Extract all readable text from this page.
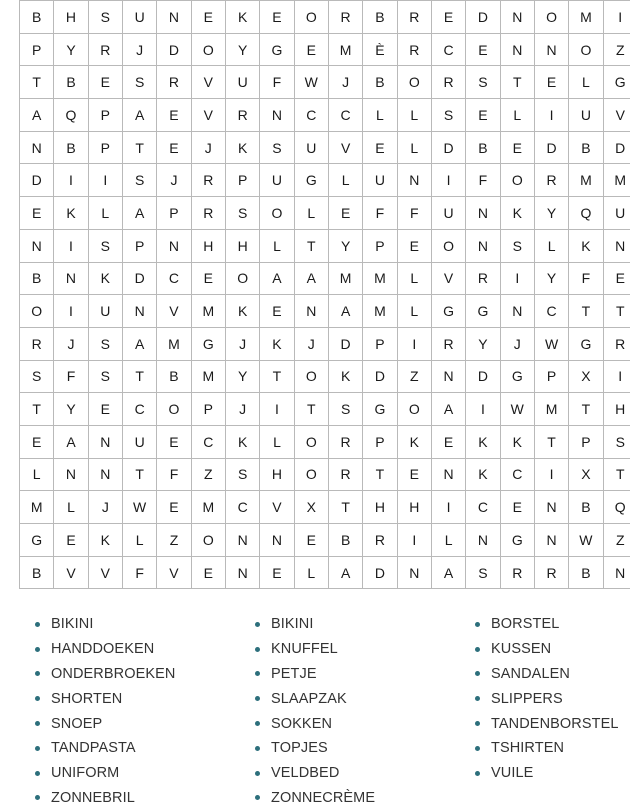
B	H	S	U	N	E	K	E	O	R	B	R	E	D	N	O	M	I
P	Y	R	J	D	O	Y	G	E	M	È	R	C	E	N	N	O	Z
T	B	E	S	R	V	U	F	W	J	B	O	R	S	T	E	L	G
A	Q	P	A	E	V	R	N	C	C	L	L	S	E	L	I	U	V
N	B	P	T	E	J	K	S	U	V	E	L	D	B	E	D	B	D
D	I	I	S	J	R	P	U	G	L	U	N	I	F	O	R	M	M
E	K	L	A	P	R	S	O	L	E	F	F	U	N	K	Y	Q	U
N	I	S	P	N	H	H	L	T	Y	P	E	O	N	S	L	K	N
B	N	K	D	C	E	O	A	A	M	M	L	V	R	I	Y	F	E
O	I	U	N	V	M	K	E	N	A	M	L	G	G	N	C	T	T
R	J	S	A	M	G	J	K	J	D	P	I	R	Y	J	W	G	R
S	F	S	T	B	M	Y	T	O	K	D	Z	N	D	G	P	X	I
T	Y	E	C	O	P	J	I	T	S	G	O	A	I	W	M	T	H
E	A	N	U	E	C	K	L	O	R	P	K	E	K	K	T	P	S
L	N	N	T	F	Z	S	H	O	R	T	E	N	K	C	I	X	T
M	L	J	W	E	M	C	V	X	T	H	H	I	C	E	N	B	Q
G	E	K	L	Z	O	N	N	E	B	R	I	L	N	G	N	W	Z
B	V	V	F	V	E	N	E	L	A	D	N	A	S	R	R	B	N
BIKINI	BIKINI	BORSTEL
HANDDOEKEN	KNUFFEL	KUSSEN
ONDERBROEKEN	PETJE	SANDALEN
SHORTEN	SLAAPZAK	SLIPPERS
SNOEP	SOKKEN	TANDENBORSTEL
TANDPASTA	TOPJES	TSHIRTEN
UNIFORM	VELDBED	VUILE
ZONNEBRIL	ZONNECRÈME
